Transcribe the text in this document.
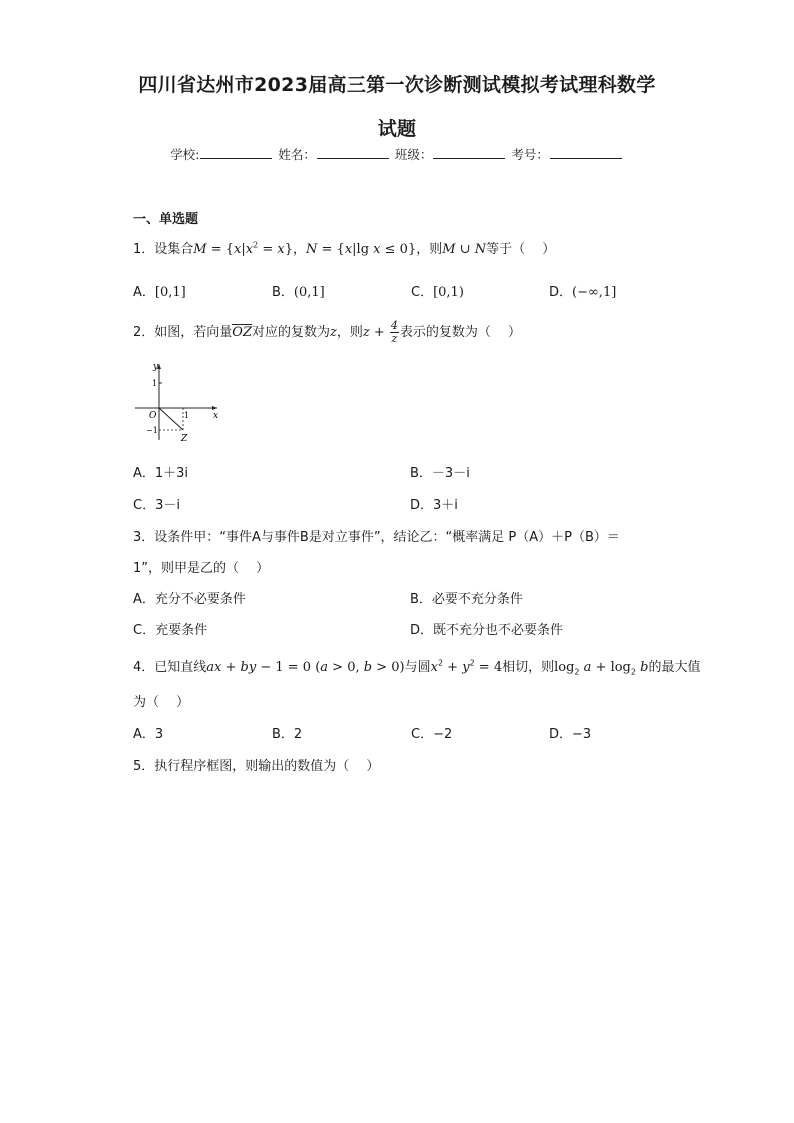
四川省达州市2023届高三第一次诊断测试模拟考试理科数学
试题
学校:	姓名：	班级：	考号：
一、单选题
1．设集合$M = \{x|x^2 = x\}$，N = {x|lg x ≤ 0}，则M ∪ N等于（　 ）
A．[0,1]	B．(0,1]	C．[0,1)	D．(−∞,1]
2．如图，若向量OZ对应的复数为z，则$z + \frac{4}{z}$ 表示的复数为（　 ）
y
x
O
1
1
−1
Z
A．1＋3i	B．－3－i
C．3－i	D．3＋i
3．设条件甲：“事件A与事件B是对立事件”，结论乙：“概率满足 P（A）＋P（B）＝
1”，则甲是乙的（　 ）
A．充分不必要条件	B．必要不充分条件
C．充要条件	D．既不充分也不必要条件
4．已知直线ax + by − 1 = 0 (a > 0, b > 0)与圆$x^2 + y^2 = 4$相切，则$\log_2 a + \log_2 b$的最大值
为（　 ）
A．3	B．2	C．−2	D．−3
5．执行程序框图，则输出的数值为（　 ）
